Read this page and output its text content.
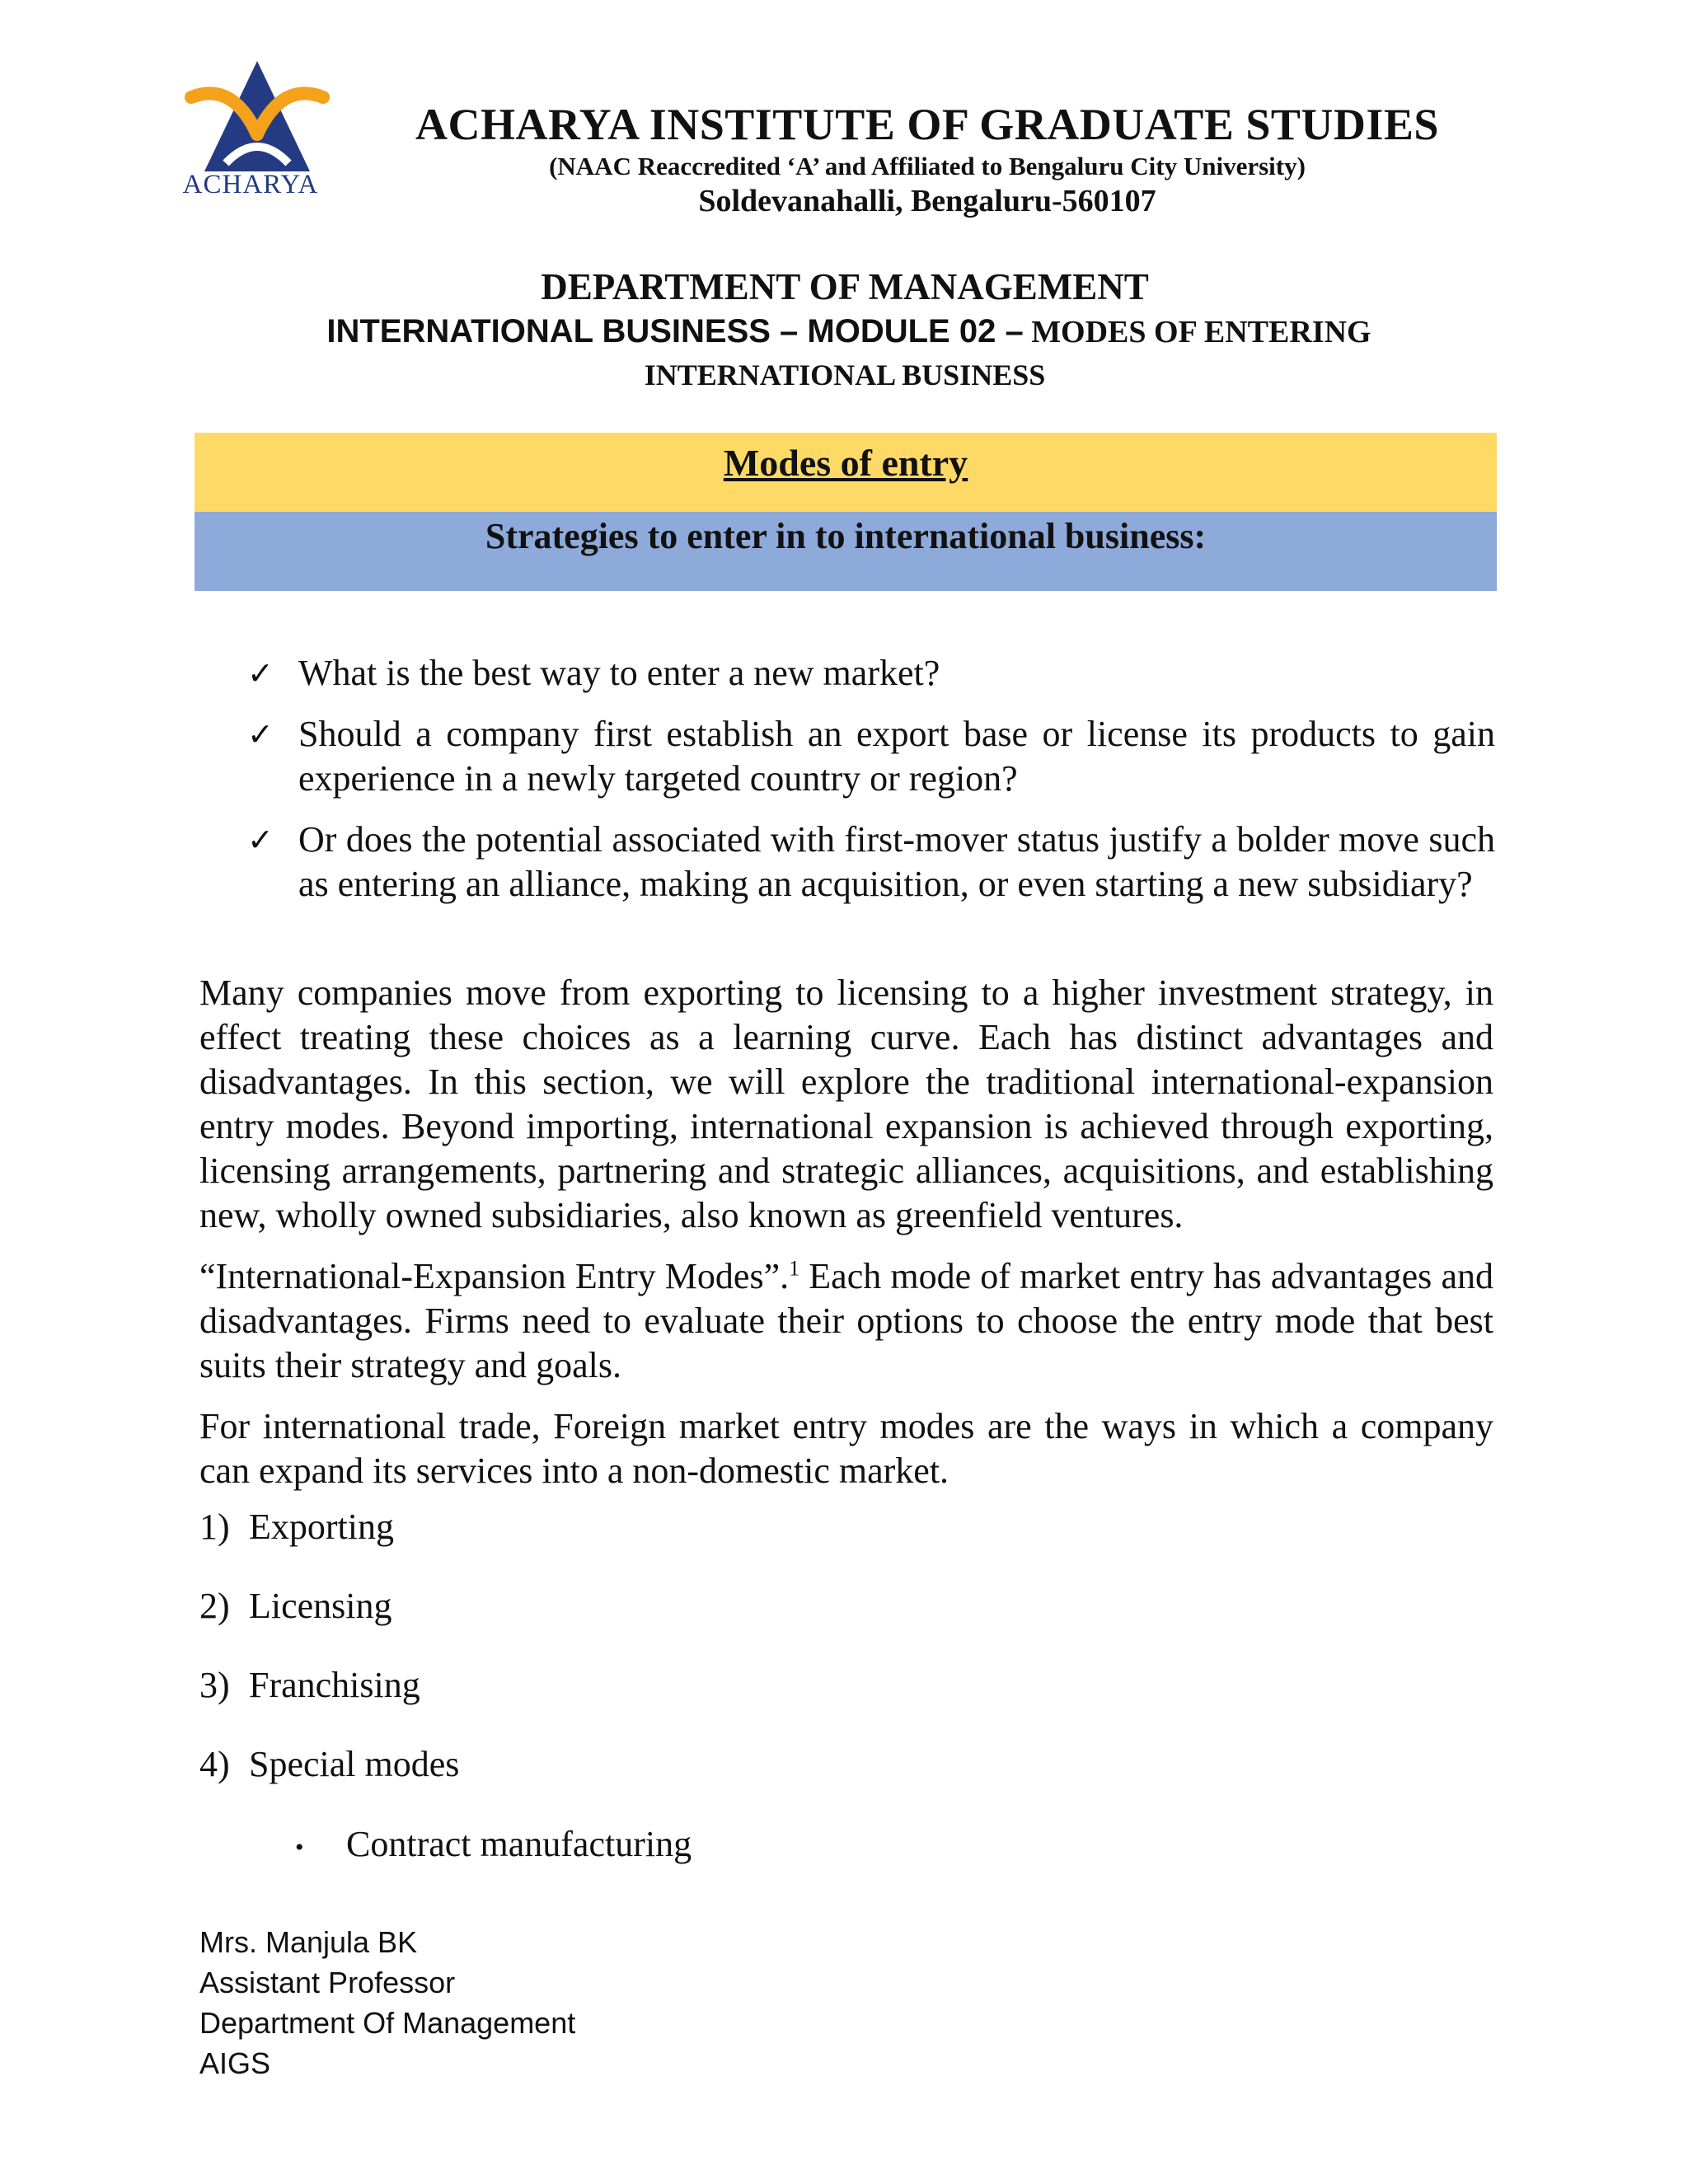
ACHARYA
ACHARYA INSTITUTE OF GRADUATE STUDIES
(NAAC Reaccredited ‘A’ and Affiliated to Bengaluru City University)
Soldevanahalli, Bengaluru-560107
DEPARTMENT OF MANAGEMENT
INTERNATIONAL BUSINESS – MODULE 02 – MODES OF ENTERING
INTERNATIONAL BUSINESS
Modes of entry
Strategies to enter in to international business:
✓ What is the best way to enter a new market?
✓ Should a company first establish an export base or license its products to gain experience in a newly targeted country or region?
✓ Or does the potential associated with first-mover status justify a bolder move such as entering an alliance, making an acquisition, or even starting a new subsidiary?

Many companies move from exporting to licensing to a higher investment strategy, in effect treating these choices as a learning curve. Each has distinct advantages and disadvantages. In this section, we will explore the traditional international-expansion entry modes. Beyond importing, international expansion is achieved through exporting, licensing arrangements, partnering and strategic alliances, acquisitions, and establishing new, wholly owned subsidiaries, also known as greenfield ventures.

“International-Expansion Entry Modes”.$^1$ Each mode of market entry has advantages and disadvantages. Firms need to evaluate their options to choose the entry mode that best suits their strategy and goals.

For international trade, Foreign market entry modes are the ways in which a company can expand its services into a non-domestic market.

1) Exporting
2) Licensing
3) Franchising
4) Special modes
• Contract manufacturing
Mrs. Manjula BK
Assistant Professor
Department Of Management
AIGS
